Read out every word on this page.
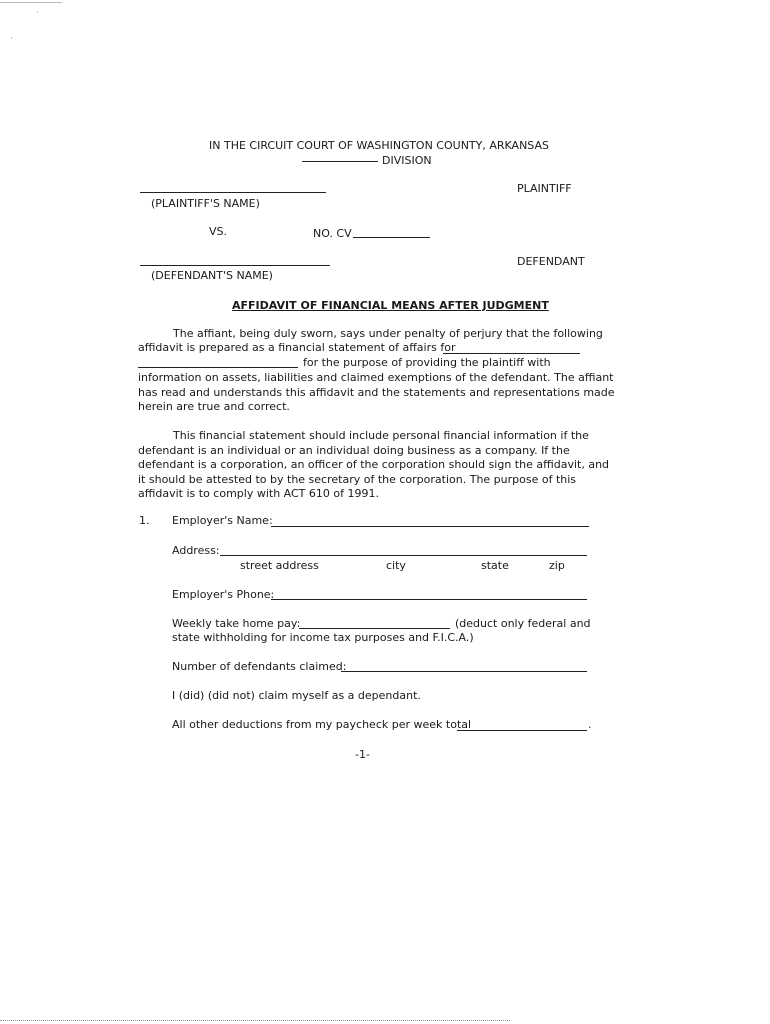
·
·
IN THE CIRCUIT COURT OF WASHINGTON COUNTY, ARKANSAS
DIVISION
PLAINTIFF
(PLAINTIFF'S NAME)
VS.	NO. CV
DEFENDANT
(DEFENDANT'S NAME)
AFFIDAVIT OF FINANCIAL MEANS AFTER JUDGMENT
The affiant, being duly sworn, says under penalty of perjury that the following
affidavit is prepared as a financial statement of affairs for
for the purpose of providing the plaintiff with
information on assets, liabilities and claimed exemptions of the defendant. The affiant
has read and understands this affidavit and the statements and representations made
herein are true and correct.
This financial statement should include personal financial information if the
defendant is an individual or an individual doing business as a company. If the
defendant is a corporation, an officer of the corporation should sign the affidavit, and
it should be attested to by the secretary of the corporation. The purpose of this
affidavit is to comply with ACT 610 of 1991.
1. Employer's Name:
Address:
street address	city	state	zip
Employer's Phone:
Weekly take home pay:	(deduct only federal and
state withholding for income tax purposes and F.I.C.A.)
Number of defendants claimed:
I (did) (did not) claim myself as a dependant.
All other deductions from my paycheck per week total	.
-1-
